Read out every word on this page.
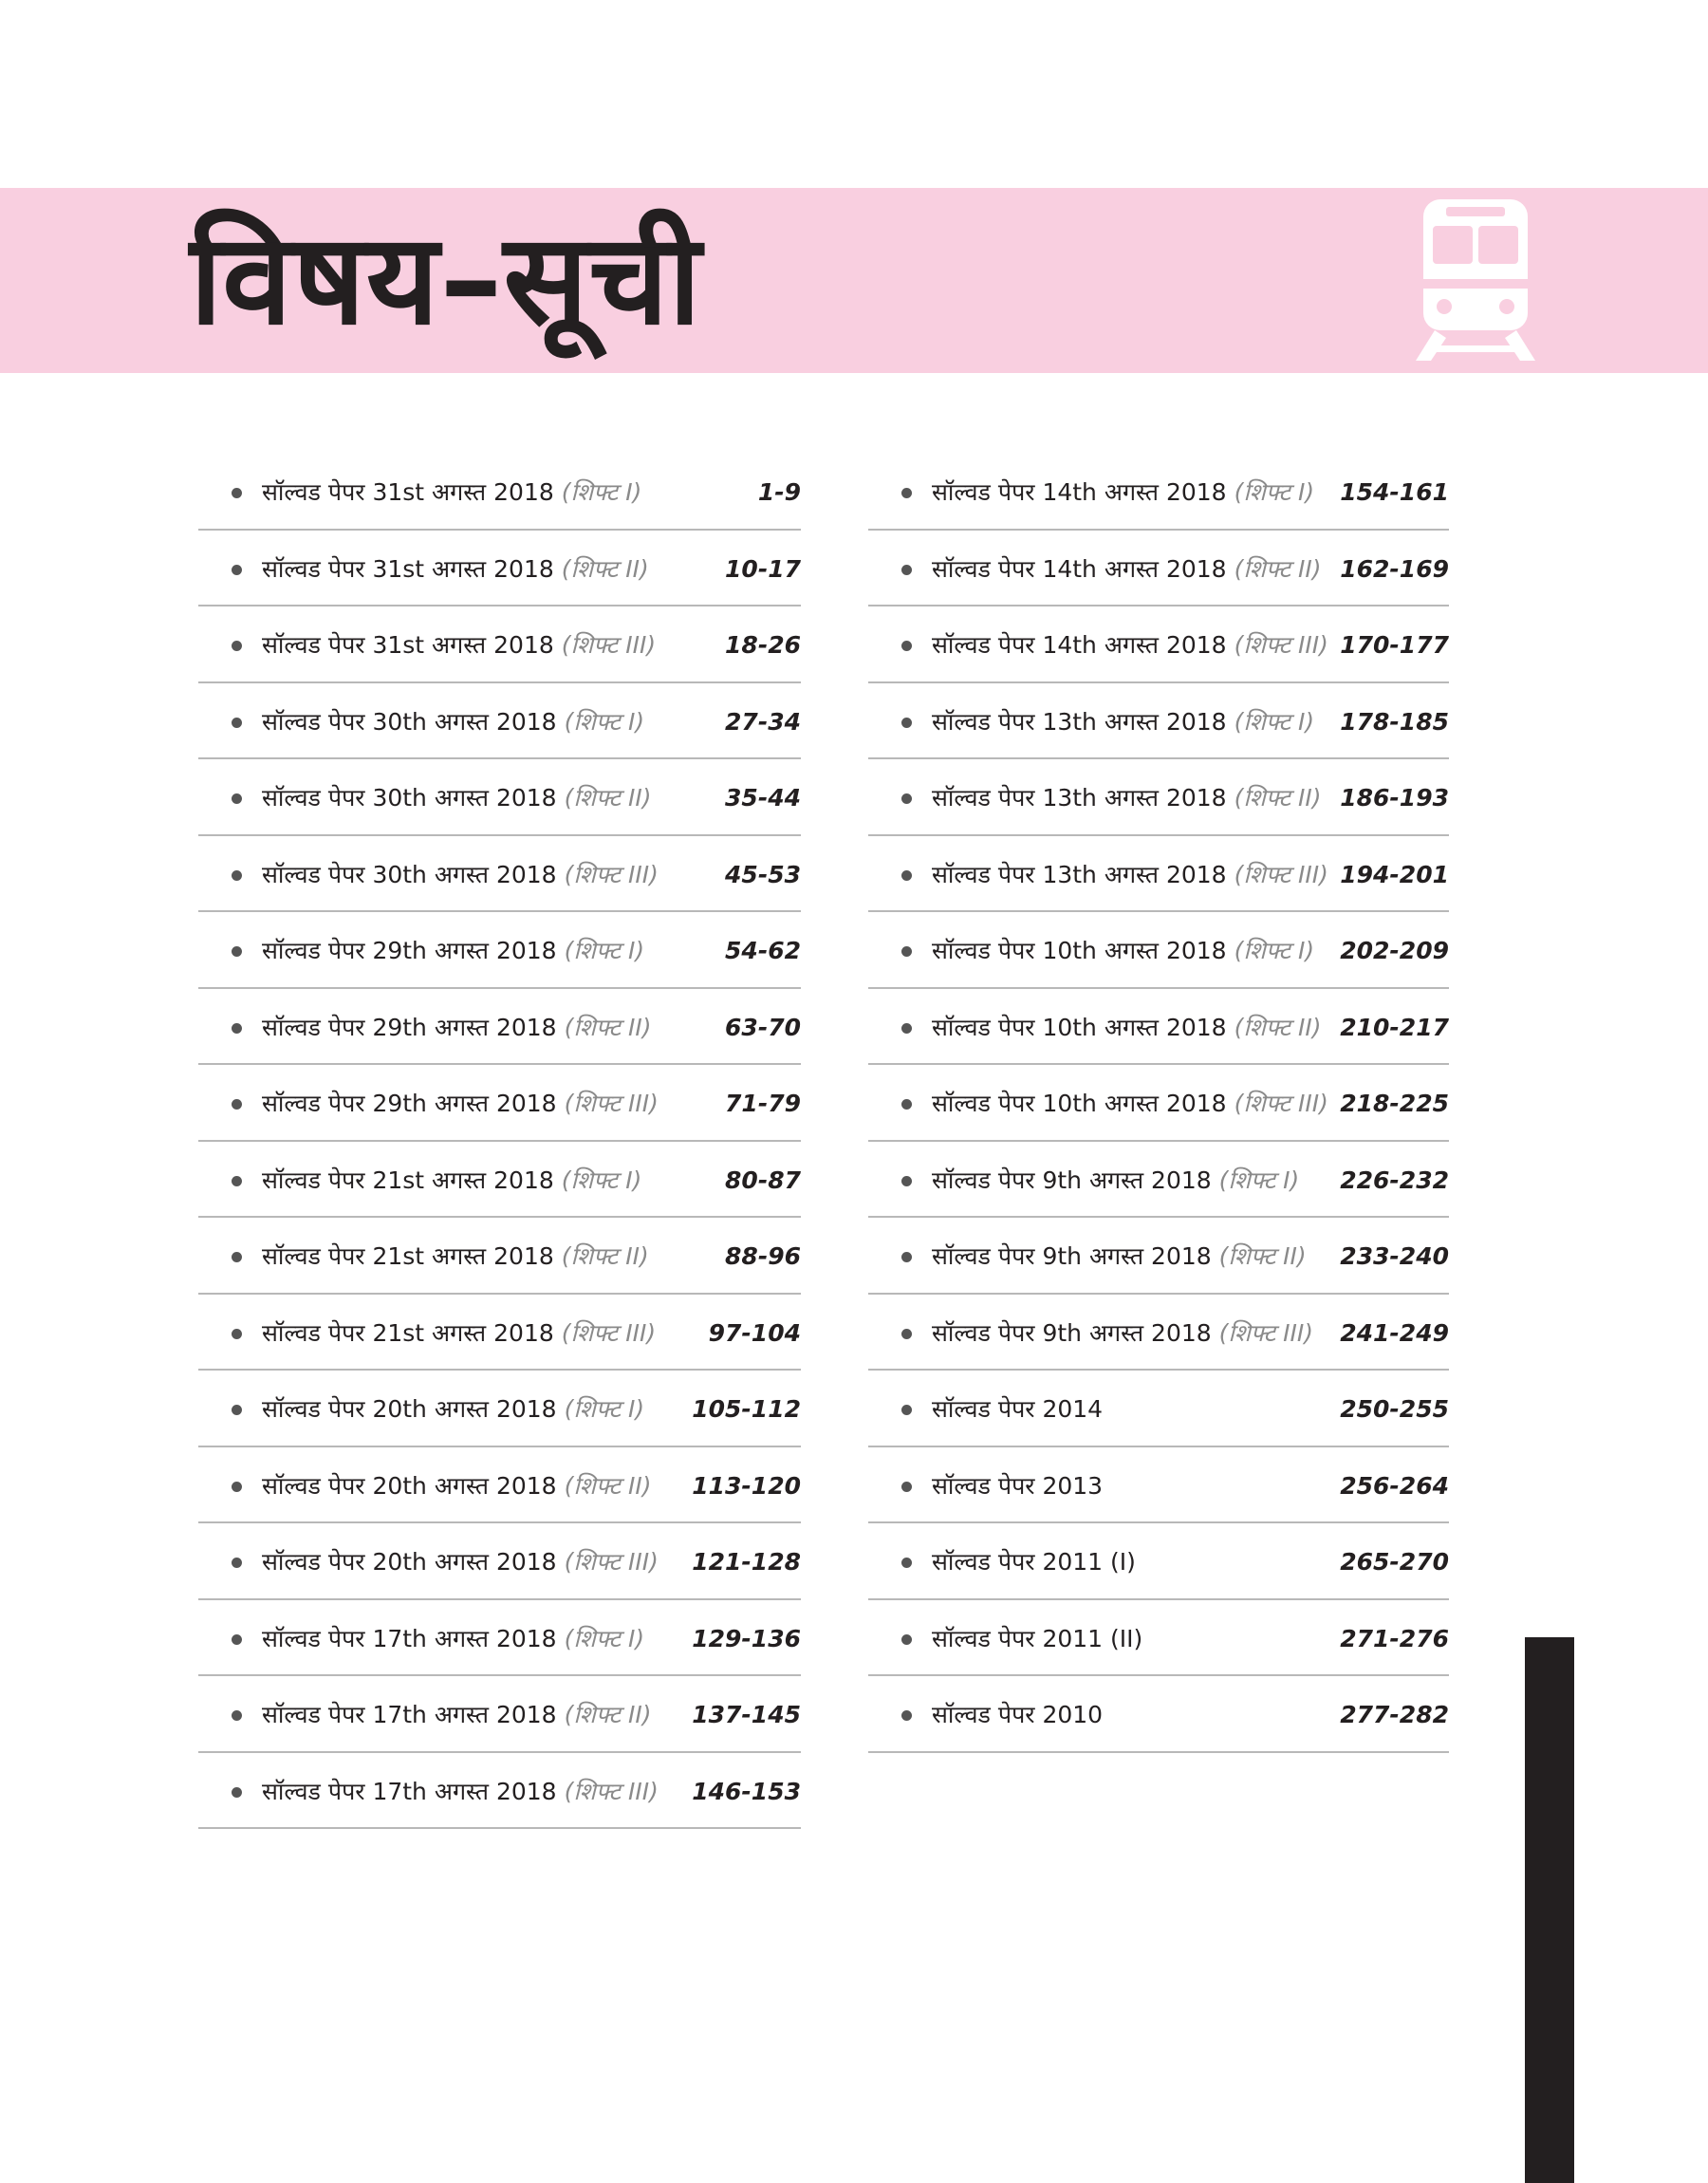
विषय–सूची
सॉल्वड पेपर 31st अगस्त 2018 (शिफ्ट I)	1-9
सॉल्वड पेपर 31st अगस्त 2018 (शिफ्ट II)	10-17
सॉल्वड पेपर 31st अगस्त 2018 (शिफ्ट III)	18-26
सॉल्वड पेपर 30th अगस्त 2018 (शिफ्ट I)	27-34
सॉल्वड पेपर 30th अगस्त 2018 (शिफ्ट II)	35-44
सॉल्वड पेपर 30th अगस्त 2018 (शिफ्ट III)	45-53
सॉल्वड पेपर 29th अगस्त 2018 (शिफ्ट I)	54-62
सॉल्वड पेपर 29th अगस्त 2018 (शिफ्ट II)	63-70
सॉल्वड पेपर 29th अगस्त 2018 (शिफ्ट III)	71-79
सॉल्वड पेपर 21st अगस्त 2018 (शिफ्ट I)	80-87
सॉल्वड पेपर 21st अगस्त 2018 (शिफ्ट II)	88-96
सॉल्वड पेपर 21st अगस्त 2018 (शिफ्ट III) 97-104
सॉल्वड पेपर 20th अगस्त 2018 (शिफ्ट I) 105-112
सॉल्वड पेपर 20th अगस्त 2018 (शिफ्ट II) 113-120
सॉल्वड पेपर 20th अगस्त 2018 (शिफ्ट III) 121-128
सॉल्वड पेपर 17th अगस्त 2018 (शिफ्ट I) 129-136
सॉल्वड पेपर 17th अगस्त 2018 (शिफ्ट II) 137-145
सॉल्वड पेपर 17th अगस्त 2018 (शिफ्ट III) 146-153
सॉल्वड पेपर 14th अगस्त 2018 (शिफ्ट I) 154-161
सॉल्वड पेपर 14th अगस्त 2018 (शिफ्ट II) 162-169
सॉल्वड पेपर 14th अगस्त 2018 (शिफ्ट III) 170-177
सॉल्वड पेपर 13th अगस्त 2018 (शिफ्ट I) 178-185
सॉल्वड पेपर 13th अगस्त 2018 (शिफ्ट II) 186-193
सॉल्वड पेपर 13th अगस्त 2018 (शिफ्ट III) 194-201
सॉल्वड पेपर 10th अगस्त 2018 (शिफ्ट I) 202-209
सॉल्वड पेपर 10th अगस्त 2018 (शिफ्ट II) 210-217
सॉल्वड पेपर 10th अगस्त 2018 (शिफ्ट III) 218-225
सॉल्वड पेपर 9th अगस्त 2018 (शिफ्ट I) 226-232
सॉल्वड पेपर 9th अगस्त 2018 (शिफ्ट II) 233-240
सॉल्वड पेपर 9th अगस्त 2018 (शिफ्ट III) 241-249
सॉल्वड पेपर 2014	250-255
सॉल्वड पेपर 2013	256-264
सॉल्वड पेपर 2011 (I)	265-270
सॉल्वड पेपर 2011 (II)	271-276
सॉल्वड पेपर 2010	277-282
